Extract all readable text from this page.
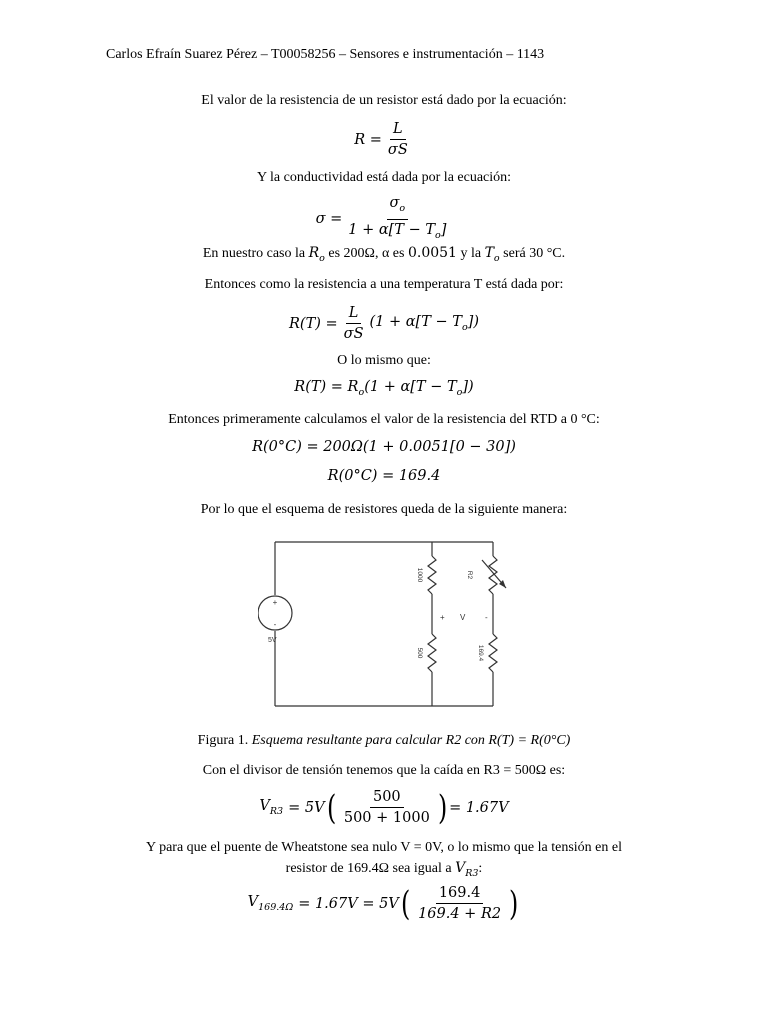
Carlos Efraín Suarez Pérez – T00058256 – Sensores e instrumentación – 1143
El valor de la resistencia de un resistor está dado por la ecuación:
$R = \frac{L}{\sigma S}$
Y la conductividad está dada por la ecuación:
$\sigma = \frac{\sigma_o}{1 + \alpha[T - T_o]}$
En nuestro caso la $R_o$ es 200Ω, α es 0.0051 y la $T_o$ será 30 °C.
Entonces como la resistencia a una temperatura T está dada por:
$R(T) = \frac{L}{\sigma S} (1 + \alpha[T - T_o])$
O lo mismo que:
$R(T) = R_o(1 + \alpha[T - T_o])$
Entonces primeramente calculamos el valor de la resistencia del RTD a 0 °C:
R(0°C) = 200Ω(1 + 0.0051[0 − 30])
R(0°C) = 169.4
Por lo que el esquema de resistores queda de la siguiente manera:
+
-
5V
1000	R2
500	169.4
+ V -
Figura 1. Esquema resultante para calcular R2 con R(T) = R(0°C)
Con el divisor de tensión tenemos que la caída en R3 = 500Ω es:
$V_{R3} = 5V$ ( $\frac{500}{500 + 1000}$ ) = 1.67V
Y para que el puente de Wheatstone sea nulo V = 0V, o lo mismo que la tensión en el
resistor de 169.4Ω sea igual a $V_{R3}$:
$V_{169.4\Omega} = 1.67V = 5V$ ( $\frac{169.4}{169.4 + R2}$ )
